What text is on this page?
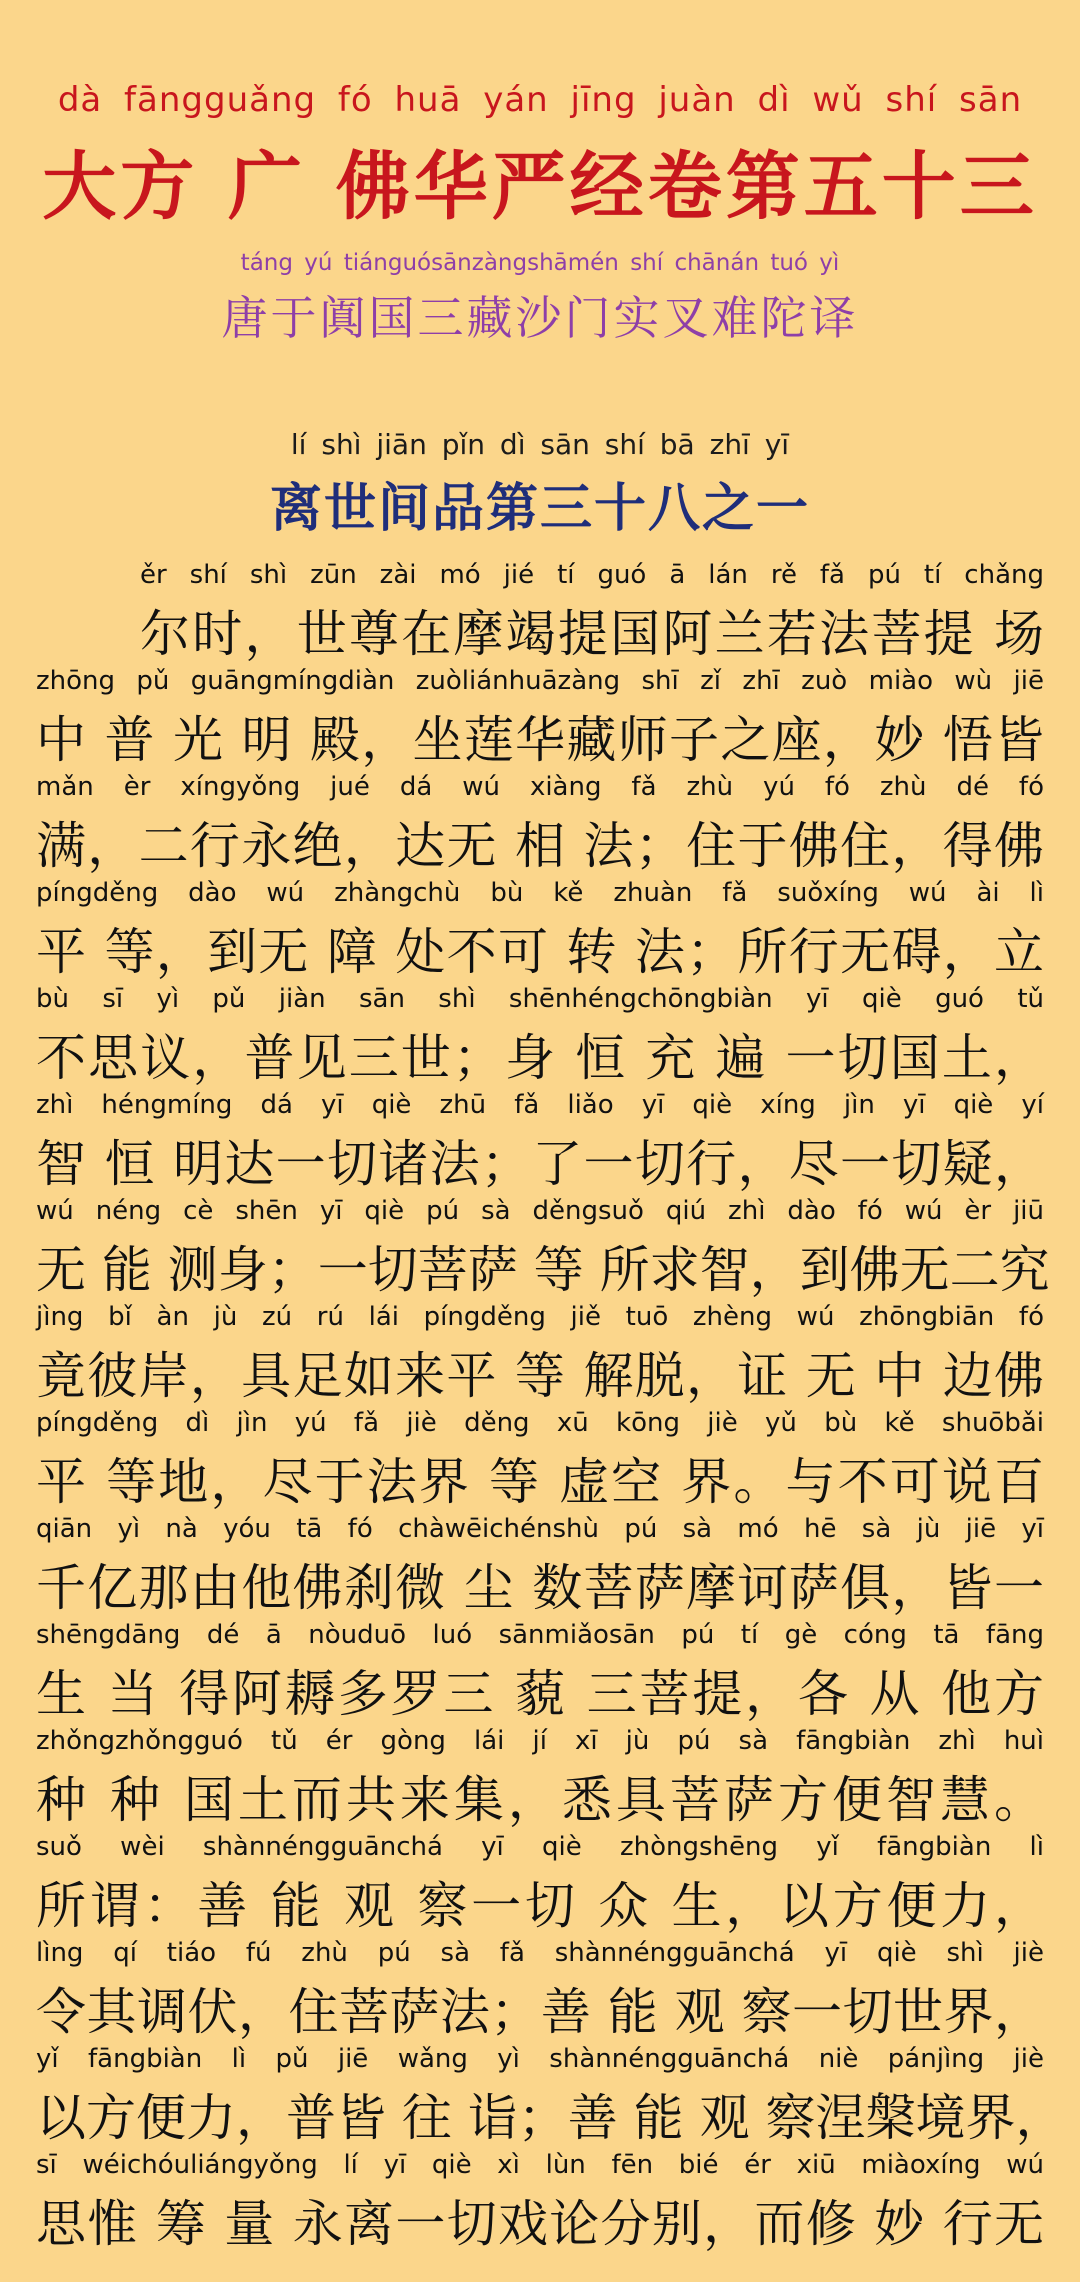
dà fāngguǎng fó huā yán jīng juàn dì wǔ shí sān
大方 广 佛华严经卷第五十三
táng yú tiánguósānzàngshāmén shí chānán tuó yì
唐于阗国三藏沙门实叉难陀译
lí shì jiān pǐn dì sān shí bā zhī yī
离世间品第三十八之一
ěr shí shì zūn zài mó jié tí guó ā lán rě fǎ pú tí chǎng
尔时，世尊在摩竭提国阿兰若法菩提 场
zhōng pǔ guāngmíngdiàn zuòliánhuāzàng shī zǐ zhī zuò miào wù jiē
中 普 光 明 殿，坐莲华藏师子之座，妙 悟皆
mǎn èr xíngyǒng jué dá wú xiàng fǎ zhù yú fó zhù dé fó
满，二行永绝，达无 相 法；住于佛住，得佛
píngděng dào wú zhàngchù bù kě zhuàn fǎ suǒxíng wú ài lì
平 等，到无 障 处不可 转 法；所行无碍，立
bù sī yì pǔ jiàn sān shì shēnhéngchōngbiàn yī qiè guó tǔ
不思议，普见三世；身 恒 充 遍 一切国土，
zhì héngmíng dá yī qiè zhū fǎ liǎo yī qiè xíng jìn yī qiè yí
智 恒 明达一切诸法；了一切行，尽一切疑，
wú néng cè shēn yī qiè pú sà děngsuǒ qiú zhì dào fó wú èr jiū
无 能 测身；一切菩萨 等 所求智，到佛无二究
jìng bǐ àn jù zú rú lái píngděng jiě tuō zhèng wú zhōngbiān fó
竟彼岸，具足如来平 等 解脱，证 无 中 边佛
píngděng dì jìn yú fǎ jiè děng xū kōng jiè yǔ bù kě shuōbǎi
平 等地，尽于法界 等 虚空 界。与不可说百
qiān yì nà yóu tā fó chàwēichénshù pú sà mó hē sà jù jiē yī
千亿那由他佛刹微 尘 数菩萨摩诃萨俱，皆一
shēngdāng dé ā nòuduō luó sānmiǎosān pú tí gè cóng tā fāng
生 当 得阿耨多罗三 藐 三菩提，各 从 他方
zhǒngzhǒngguó tǔ ér gòng lái jí xī jù pú sà fāngbiàn zhì huì
种 种 国土而共来集，悉具菩萨方便智慧。
suǒ wèi shànnéngguānchá yī qiè zhòngshēng yǐ fāngbiàn lì
所谓：善 能 观 察一切 众 生，以方便力，
lìng qí tiáo fú zhù pú sà fǎ shànnéngguānchá yī qiè shì jiè
令其调伏，住菩萨法；善 能 观 察一切世界，
yǐ fāngbiàn lì pǔ jiē wǎng yì shànnéngguānchá niè pánjìng jiè
以方便力，普皆 往 诣；善 能 观 察涅槃境界，
sī wéichóuliángyǒng lí yī qiè xì lùn fēn bié ér xiū miàoxíng wú
思惟 筹 量 永离一切戏论分别，而修 妙 行无
